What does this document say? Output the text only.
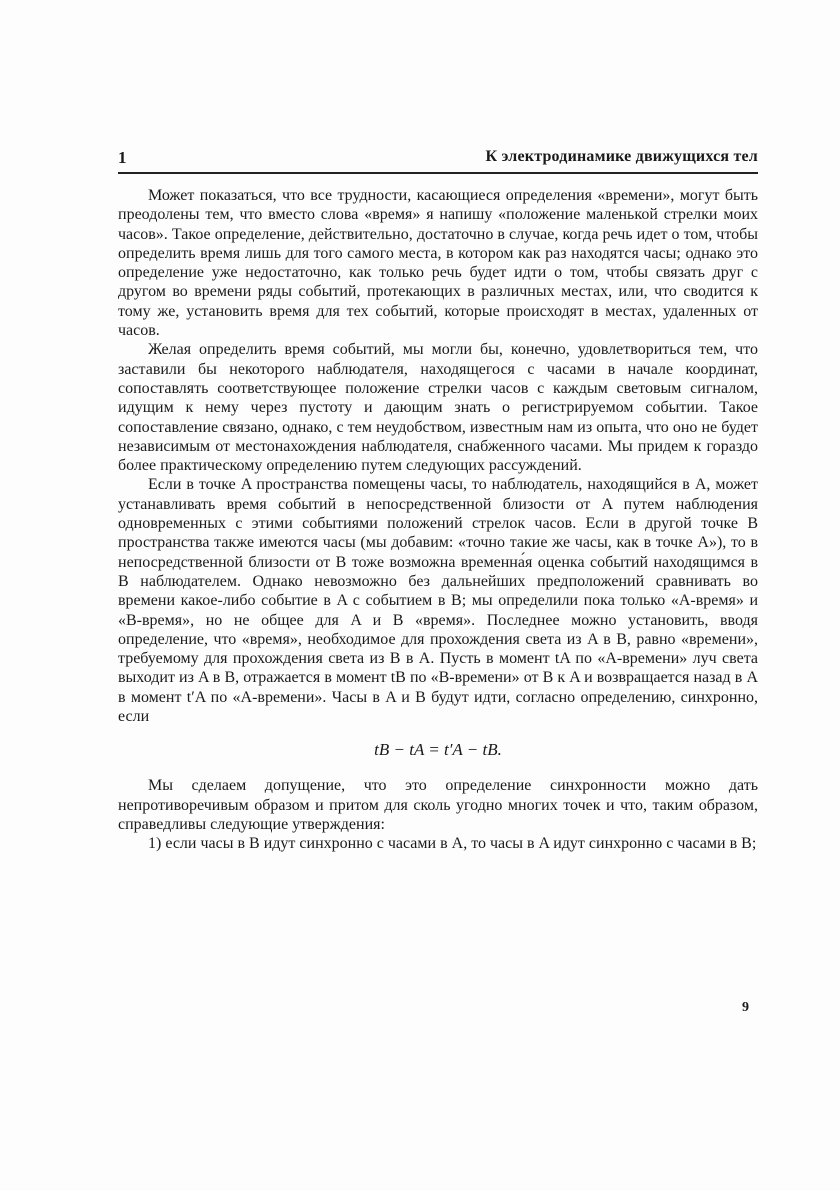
1	К электродинамике движущихся тел

Может показаться, что все трудности, касающиеся определения «времени», могут быть преодолены тем, что вместо слова «время» я напишу «положение маленькой стрелки моих часов». Такое определение, действительно, достаточно в случае, когда речь идет о том, чтобы определить время лишь для того самого места, в котором как раз находятся часы; однако это определение уже недостаточно, как только речь будет идти о том, чтобы связать друг с другом во времени ряды событий, протекающих в различных местах, или, что сводится к тому же, установить время для тех событий, которые происходят в местах, удаленных от часов.

Желая определить время событий, мы могли бы, конечно, удовлетвориться тем, что заставили бы некоторого наблюдателя, находящегося с часами в начале координат, сопоставлять соответствующее положение стрелки часов с каждым световым сигналом, идущим к нему через пустоту и дающим знать о регистрируемом событии. Такое сопоставление связано, однако, с тем неудобством, известным нам из опыта, что оно не будет независимым от местонахождения наблюдателя, снабженного часами. Мы придем к гораздо более практическому определению путем следующих рассуждений.

Если в точке A пространства помещены часы, то наблюдатель, находящийся в A, может устанавливать время событий в непосредственной близости от A путем наблюдения одновременных с этими событиями положений стрелок часов. Если в другой точке B пространства также имеются часы (мы добавим: «точно такие же часы, как в точке A»), то в непосредственной близости от B тоже возможна временна́я оценка событий находящимся в B наблюдателем. Однако невозможно без дальнейших предположений сравнивать во времени какое-либо событие в A с событием в B; мы определили пока только «A-время» и «B-время», но не общее для A и B «время». Последнее можно установить, вводя определение, что «время», необходимое для прохождения света из A в B, равно «времени», требуемому для прохождения света из B в A. Пусть в момент tA по «A-времени» луч света выходит из A в B, отражается в момент tB по «B-времени» от B к A и возвращается назад в A в момент t′A по «A-времени». Часы в A и B будут идти, согласно определению, синхронно, если

tB − tA = t′A − tB.

Мы сделаем допущение, что это определение синхронности можно дать непротиворечивым образом и притом для сколь угодно многих точек и что, таким образом, справедливы следующие утверждения:

1) если часы в B идут синхронно с часами в A, то часы в A идут синхронно с часами в B;

9
